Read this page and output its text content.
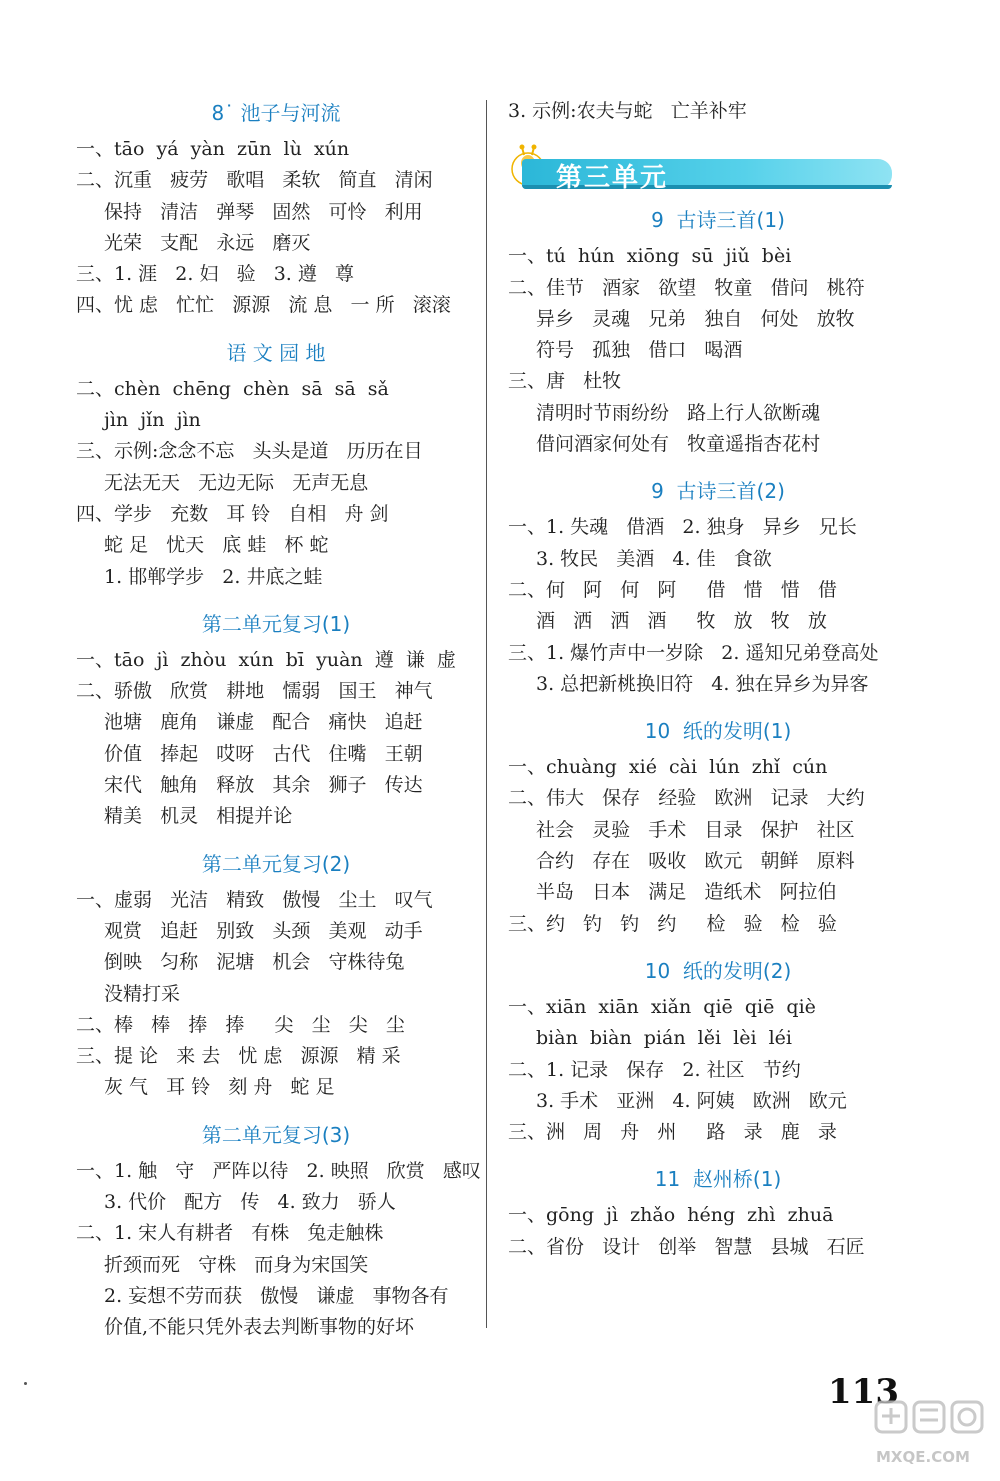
8˙ 池子与河流
一、tāo  yá  yàn  zūn  lù  xún
二、沉重   疲劳   歌唱   柔软   简直   清闲
保持   清洁   弹琴   固然   可怜   利用
光荣   支配   永远   磨灭
三、1. 涯   2. 妇   验   3. 遵   尊
四、忧 虑   忙忙   源源   流 息   一 所   滚滚
语 文 园 地
二、chèn  chēng  chèn  sā  sā  sǎ
jìn  jǐn  jìn
三、示例:念念不忘   头头是道   历历在目
无法无天   无边无际   无声无息
四、学步   充数   耳 铃   自相   舟 剑
蛇 足   忧天   底 蛙   杯 蛇
1. 邯郸学步   2. 井底之蛙
第二单元复习(1)
一、tāo  jì  zhòu  xún  bī  yuàn  遵  谦  虚
二、骄傲   欣赏   耕地   懦弱   国王   神气
池塘   鹿角   谦虚   配合   痛快   追赶
价值   捧起   哎呀   古代   住嘴   王朝
宋代   触角   释放   其余   狮子   传达
精美   机灵   相提并论
第二单元复习(2)
一、虚弱   光洁   精致   傲慢   尘土   叹气
观赏   追赶   别致   头颈   美观   动手
倒映   匀称   泥塘   机会   守株待兔
没精打采
二、棒   棒   捧   捧     尖   尘   尖   尘
三、提 论   来 去   忧 虑   源源   精 采
灰 气   耳 铃   刻 舟   蛇 足
第二单元复习(3)
一、1. 触   守   严阵以待   2. 映照   欣赏   感叹
3. 代价   配方   传   4. 致力   骄人
二、1. 宋人有耕者   有株   兔走触株
折颈而死   守株   而身为宋国笑
2. 妄想不劳而获   傲慢   谦虚   事物各有
价值,不能只凭外表去判断事物的好坏
3. 示例:农夫与蛇   亡羊补牢
第三单元
9  古诗三首(1)
一、tú  hún  xiōng  sū  jiǔ  bèi
二、佳节   酒家   欲望   牧童   借问   桃符
异乡   灵魂   兄弟   独自   何处   放牧
符号   孤独   借口   喝酒
三、唐   杜牧
清明时节雨纷纷   路上行人欲断魂
借问酒家何处有   牧童遥指杏花村
9  古诗三首(2)
一、1. 失魂   借酒   2. 独身   异乡   兄长
3. 牧民   美酒   4. 佳   食欲
二、何   阿   何   阿     借   惜   惜   借
酒   洒   洒   酒     牧   放   牧   放
三、1. 爆竹声中一岁除   2. 遥知兄弟登高处
3. 总把新桃换旧符   4. 独在异乡为异客
10  纸的发明(1)
一、chuàng  xié  cài  lún  zhǐ  cún
二、伟大   保存   经验   欧洲   记录   大约
社会   灵验   手术   目录   保护   社区
合约   存在   吸收   欧元   朝鲜   原料
半岛   日本   满足   造纸术   阿拉伯
三、约   钓   钓   约     检   验   检   验
10  纸的发明(2)
一、xiān  xiān  xiǎn  qiē  qiē  qiè
biàn  biàn  pián  lěi  lèi  léi
二、1. 记录   保存   2. 社区   节约
3. 手术   亚洲   4. 阿姨   欧洲   欧元
三、洲   周   舟   州     路   录   鹿   录
11  赵州桥(1)
一、gōng  jì  zhǎo  héng  zhì  zhuā
二、省份   设计   创举   智慧   县城   石匠
113
MXQE.COM
